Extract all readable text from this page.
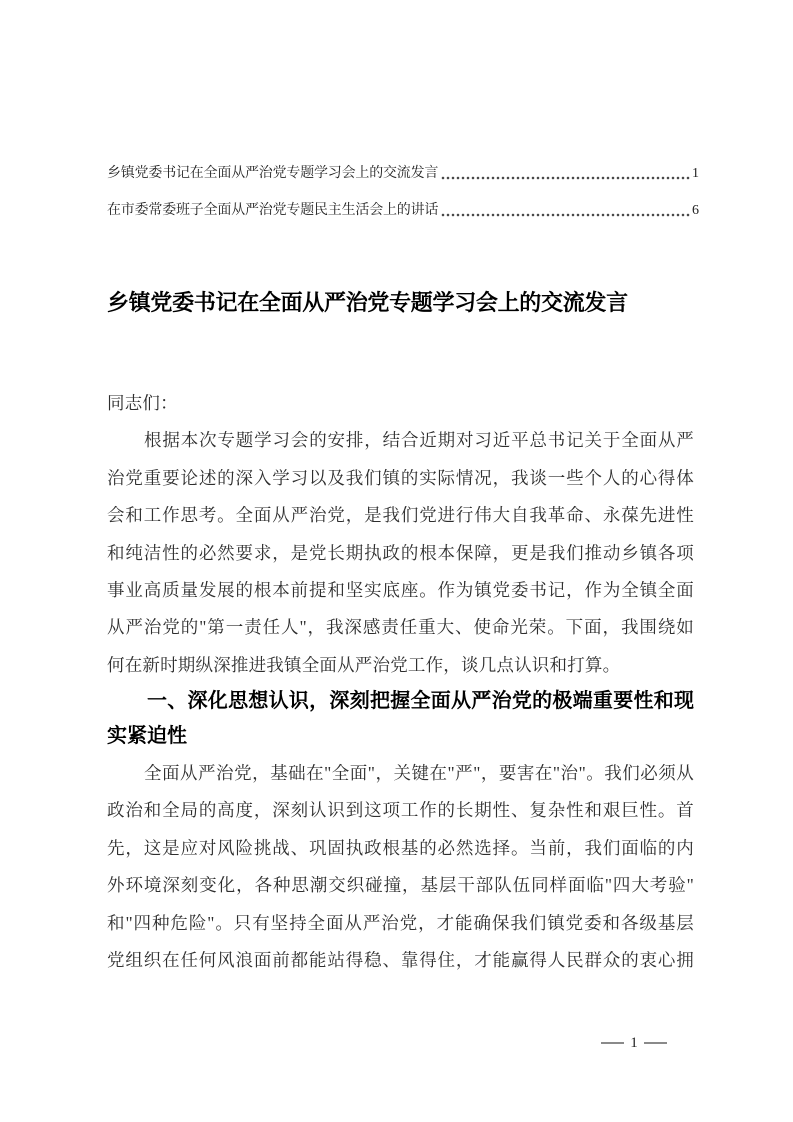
乡镇党委书记在全面从严治党专题学习会上的交流发言	1
在市委常委班子全面从严治党专题民主生活会上的讲话	6
乡镇党委书记在全面从严治党专题学习会上的交流发言
同志们：
根据本次专题学习会的安排，结合近期对习近平总书记关于全面从严
治党重要论述的深入学习以及我们镇的实际情况，我谈一些个人的心得体
会和工作思考。全面从严治党，是我们党进行伟大自我革命、永葆先进性
和纯洁性的必然要求，是党长期执政的根本保障，更是我们推动乡镇各项
事业高质量发展的根本前提和坚实底座。作为镇党委书记，作为全镇全面
从严治党的"第一责任人"，我深感责任重大、使命光荣。下面，我围绕如
何在新时期纵深推进我镇全面从严治党工作，谈几点认识和打算。
一、深化思想认识，深刻把握全面从严治党的极端重要性和现
实紧迫性
全面从严治党，基础在"全面"，关键在"严"，要害在"治"。我们必须从
政治和全局的高度，深刻认识到这项工作的长期性、复杂性和艰巨性。首
先，这是应对风险挑战、巩固执政根基的必然选择。当前，我们面临的内
外环境深刻变化，各种思潮交织碰撞，基层干部队伍同样面临"四大考验"
和"四种危险"。只有坚持全面从严治党，才能确保我们镇党委和各级基层
党组织在任何风浪面前都能站得稳、靠得住，才能赢得人民群众的衷心拥
1
